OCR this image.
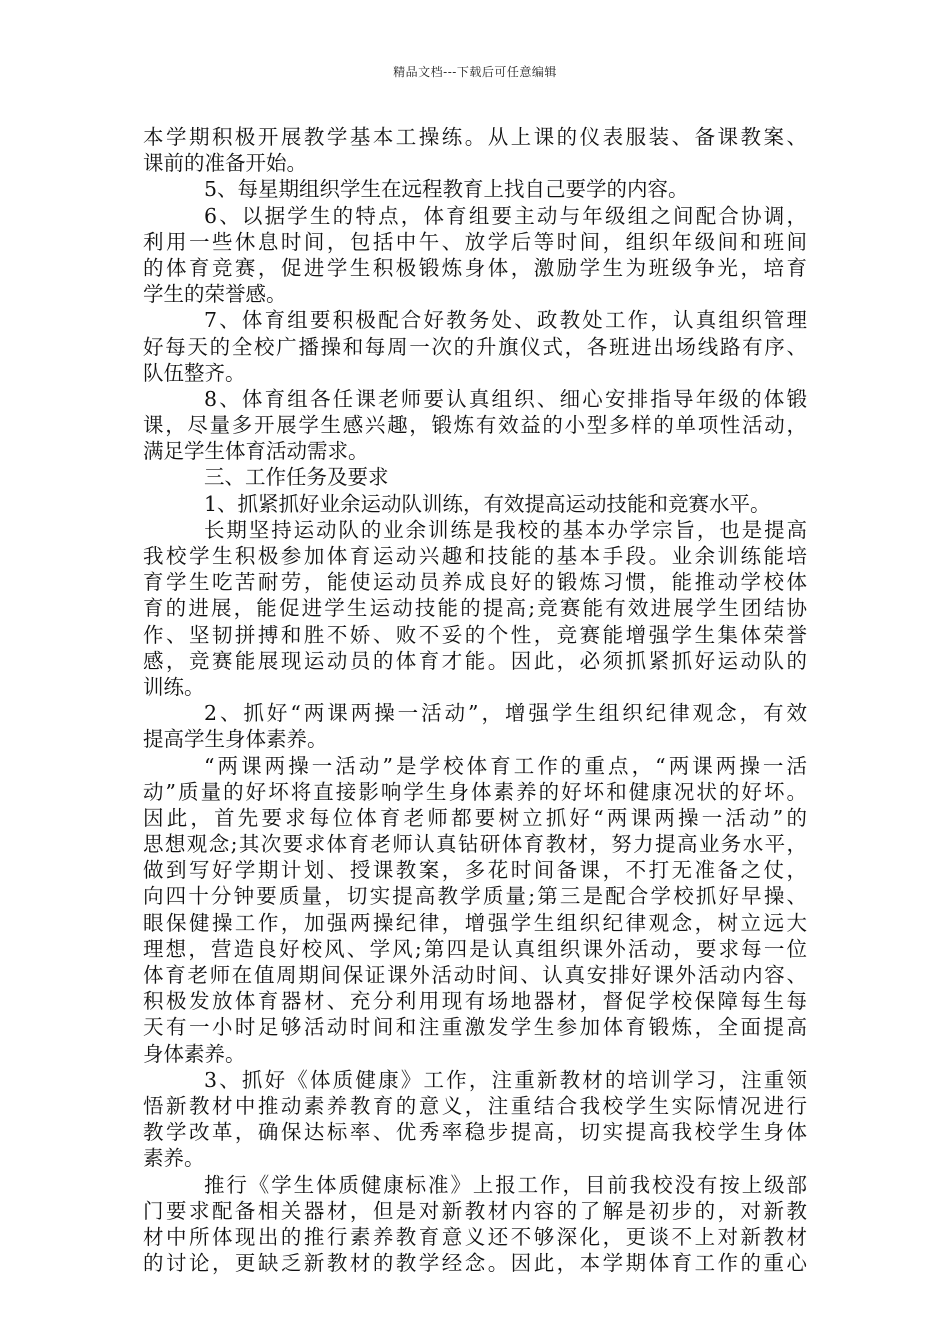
精品文档---下载后可任意编辑
本学期积极开展教学基本工操练。从上课的仪表服装、备课教案、
课前的准备开始。
5、每星期组织学生在远程教育上找自己要学的内容。
6、以据学生的特点，体育组要主动与年级组之间配合协调，
利用一些休息时间，包括中午、放学后等时间，组织年级间和班间
的体育竞赛，促进学生积极锻炼身体，激励学生为班级争光，培育
学生的荣誉感。
7、体育组要积极配合好教务处、政教处工作，认真组织管理
好每天的全校广播操和每周一次的升旗仪式，各班进出场线路有序、
队伍整齐。
8、体育组各任课老师要认真组织、细心安排指导年级的体锻
课，尽量多开展学生感兴趣，锻炼有效益的小型多样的单项性活动，
满足学生体育活动需求。
三、工作任务及要求
1、抓紧抓好业余运动队训练，有效提高运动技能和竞赛水平。
长期坚持运动队的业余训练是我校的基本办学宗旨，也是提高
我校学生积极参加体育运动兴趣和技能的基本手段。业余训练能培
育学生吃苦耐劳，能使运动员养成良好的锻炼习惯，能推动学校体
育的进展，能促进学生运动技能的提高;竞赛能有效进展学生团结协
作、坚韧拼搏和胜不娇、败不妥的个性，竞赛能增强学生集体荣誉
感，竞赛能展现运动员的体育才能。因此，必须抓紧抓好运动队的
训练。
2、抓好“两课两操一活动”，增强学生组织纪律观念，有效
提高学生身体素养。
“两课两操一活动”是学校体育工作的重点，“两课两操一活
动”质量的好坏将直接影响学生身体素养的好坏和健康况状的好坏。
因此，首先要求每位体育老师都要树立抓好“两课两操一活动”的
思想观念;其次要求体育老师认真钻研体育教材，努力提高业务水平，
做到写好学期计划、授课教案，多花时间备课，不打无准备之仗，
向四十分钟要质量，切实提高教学质量;第三是配合学校抓好早操、
眼保健操工作，加强两操纪律，增强学生组织纪律观念，树立远大
理想，营造良好校风、学风;第四是认真组织课外活动，要求每一位
体育老师在值周期间保证课外活动时间、认真安排好课外活动内容、
积极发放体育器材、充分利用现有场地器材，督促学校保障每生每
天有一小时足够活动时间和注重激发学生参加体育锻炼，全面提高
身体素养。
3、抓好《体质健康》工作，注重新教材的培训学习，注重领
悟新教材中推动素养教育的意义，注重结合我校学生实际情况进行
教学改革，确保达标率、优秀率稳步提高，切实提高我校学生身体
素养。
推行《学生体质健康标准》上报工作，目前我校没有按上级部
门要求配备相关器材，但是对新教材内容的了解是初步的，对新教
材中所体现出的推行素养教育意义还不够深化，更谈不上对新教材
的讨论，更缺乏新教材的教学经念。因此，本学期体育工作的重心
